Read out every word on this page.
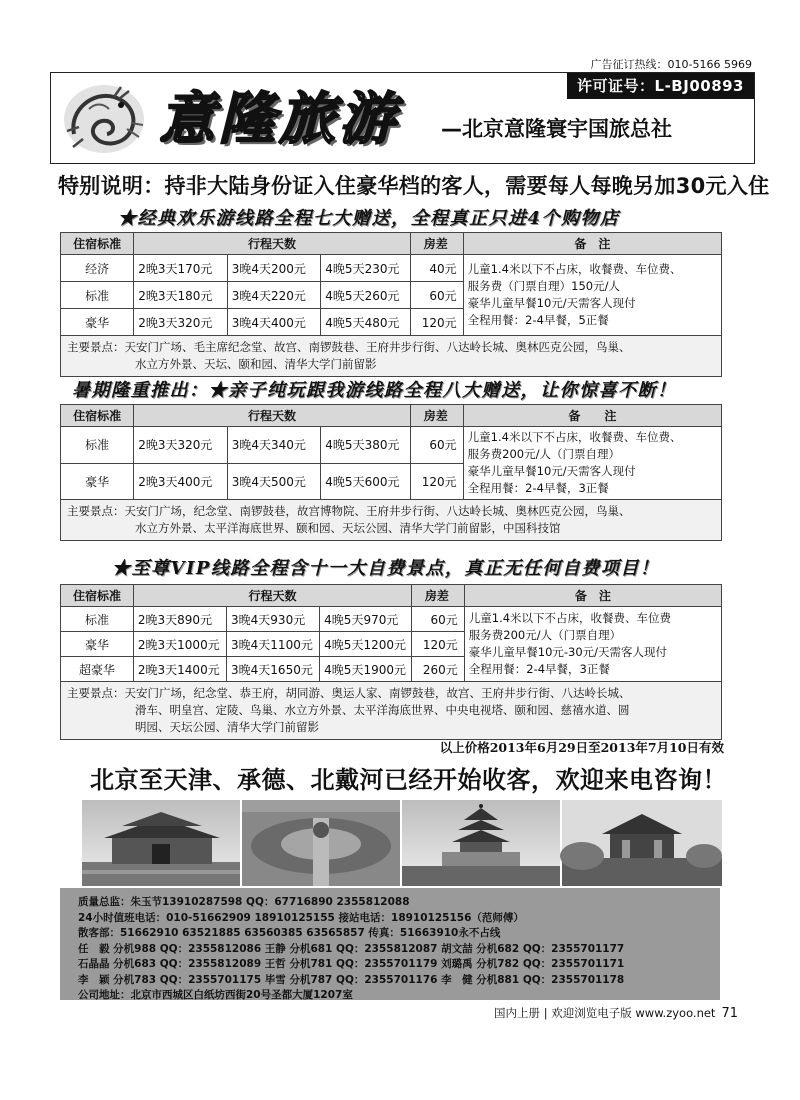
广告征订热线：010-5166 5969
许可证号：L-BJ00893
意隆旅游 —北京意隆寰宇国旅总社
特别说明：持非大陆身份证入住豪华档的客人，需要每人每晚另加30元入住
★经典欢乐游线路全程七大赠送，全程真正只进4个购物店
住宿标准	行程天数			房差	备　注
经济	2晚3天170元	3晚4天200元	4晚5天230元	40元	儿童1.4米以下不占床，收餐费、车位费、
服务费（门票自理）150元/人
豪华儿童早餐10元/天需客人现付
全程用餐：2-4早餐，5正餐

标准	2晚3天180元	3晚4天220元	4晚5天260元	60元	
豪华	2晚3天320元	3晚4天400元	4晚5天480元	120元	

主要景点：天安门广场、毛主席纪念堂、故宫、南锣鼓巷、王府井步行街、八达岭长城、奥林匹克公园，鸟巢、
水立方外景、天坛、颐和园、清华大学门前留影					
暑期隆重推出：★亲子纯玩跟我游线路全程八大赠送，让你惊喜不断！
住宿标准	行程天数			房差	备　　注
标准	2晚3天320元	3晚4天340元	4晚5天380元	60元	儿童1.4米以下不占床，收餐费、车位费、
服务费200元/人（门票自理）
豪华儿童早餐10元/天需客人现付
全程用餐：2-4早餐，3正餐

豪华	2晚3天400元	3晚4天500元	4晚5天600元	120元	

主要景点：天安门广场，纪念堂、南锣鼓巷，故宫博物院、王府井步行街、八达岭长城、奥林匹克公园，鸟巢、
水立方外景、太平洋海底世界、颐和园、天坛公园、清华大学门前留影，中国科技馆					
★至尊VIP线路全程含十一大自费景点，真正无任何自费项目！
住宿标准	行程天数			房差	备　注
标准	2晚3天890元	3晚4天930元	4晚5天970元	60元	儿童1.4米以下不占床，收餐费、车位费
服务费200元/人（门票自理）
豪华儿童早餐10元-30元/天需客人现付
全程用餐：2-4早餐，3正餐

豪华	2晚3天1000元	3晚4天1100元	4晚5天1200元	120元	
超豪华	2晚3天1400元	3晚4天1650元	4晚5天1900元	260元	

主要景点：天安门广场，纪念堂、恭王府，胡同游、奥运人家、南锣鼓巷，故宫、王府井步行街、八达岭长城、
滑车、明皇宫、定陵、鸟巢、水立方外景、太平洋海底世界、中央电视塔、颐和园、慈禧水道、圆
明园、天坛公园、清华大学门前留影					
以上价格2013年6月29日至2013年7月10日有效
北京至天津、承德、北戴河已经开始收客，欢迎来电咨询！
质量总监：朱玉节13910287598 QQ：67716890 2355812088
24小时值班电话：010-51662909 18910125155 接站电话：18910125156（范师傅）
散客部：51662910 63521885 63560385 63565857 传真：51663910永不占线
任　毅 分机988 QQ：2355812086 王静 分机681 QQ：2355812087 胡文喆 分机682 QQ：2355701177
石晶晶 分机683 QQ：2355812089 王哲 分机781 QQ：2355701179 刘璐禹 分机782 QQ：2355701171
李　颖 分机783 QQ：2355701175 毕雪 分机787 QQ：2355701176 李　健 分机881 QQ：2355701178
公司地址：北京市西城区白纸坊西街20号圣都大厦1207室
国内上册 | 欢迎浏览电子版 www.zyoo.net 71
